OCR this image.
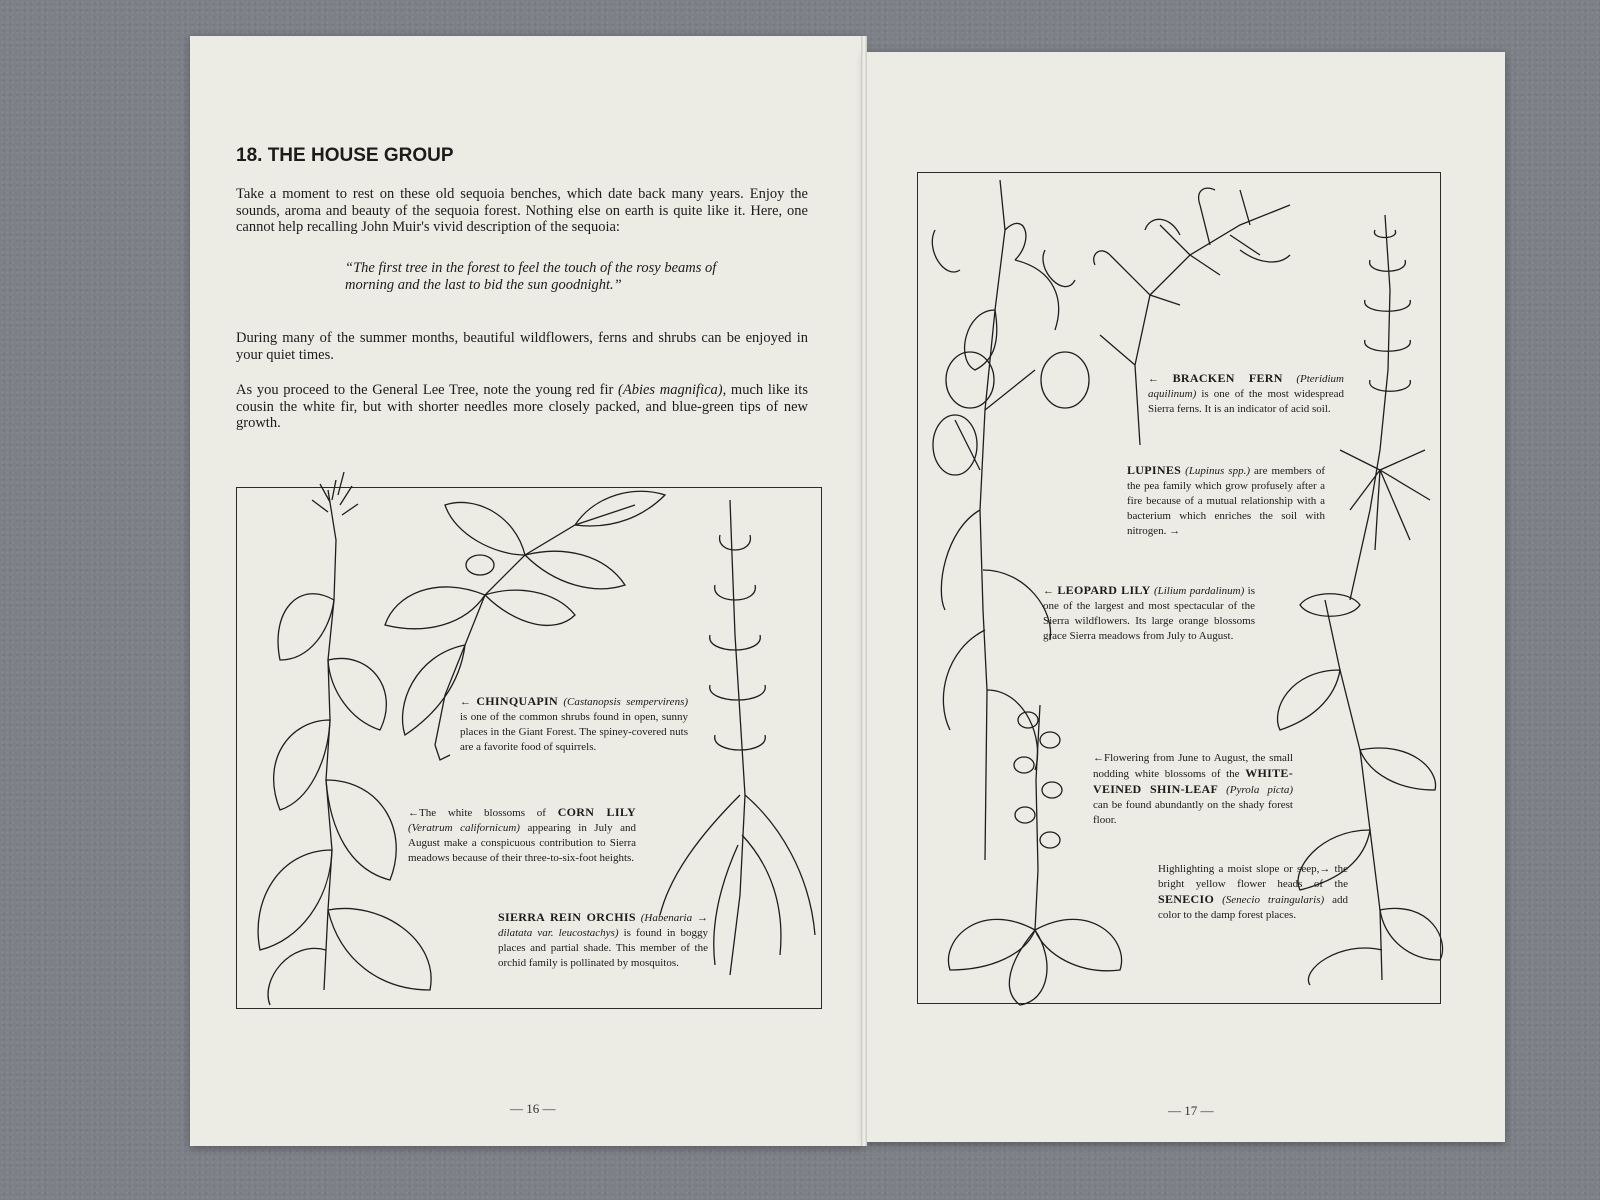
18. THE HOUSE GROUP

Take a moment to rest on these old sequoia benches, which date back many years. Enjoy the sounds, aroma and beauty of the sequoia forest. Nothing else on earth is quite like it. Here, one cannot help recalling John Muir's vivid description of the sequoia:

“The first tree in the forest to feel the touch of the rosy beams of morning and the last to bid the sun goodnight.”

During many of the summer months, beautiful wildflowers, ferns and shrubs can be enjoyed in your quiet times.

As you proceed to the General Lee Tree, note the young red fir (Abies magnifica), much like its cousin the white fir, but with shorter needles more closely packed, and blue-green tips of new growth.

← CHINQUAPIN (Castanopsis sempervirens) is one of the common shrubs found in open, sunny places in the Giant Forest. The spiney-covered nuts are a favorite food of squirrels.

←The white blossoms of CORN LILY (Veratrum californicum) appearing in July and August make a conspicuous contribution to Sierra meadows because of their three-to-six-foot heights.

SIERRA REIN ORCHIS (Habenaria → dilatata var. leucostachys) is found in boggy places and partial shade. This member of the orchid family is pollinated by mosquitos.

— 16 —

← BRACKEN FERN (Pteridium aquilinum) is one of the most widespread Sierra ferns. It is an indicator of acid soil.

LUPINES (Lupinus spp.) are members of the pea family which grow profusely after a fire because of a mutual relationship with a bacterium which enriches the soil with nitrogen. →

← LEOPARD LILY (Lilium pardalinum) is one of the largest and most spectacular of the Sierra wildflowers. Its large orange blossoms grace Sierra meadows from July to August.

←Flowering from June to August, the small nodding white blossoms of the WHITE-VEINED SHIN-LEAF (Pyrola picta) can be found abundantly on the shady forest floor.

Highlighting a moist slope or seep,→ the bright yellow flower heads of the SENECIO (Senecio traingularis) add color to the damp forest places.

— 17 —
